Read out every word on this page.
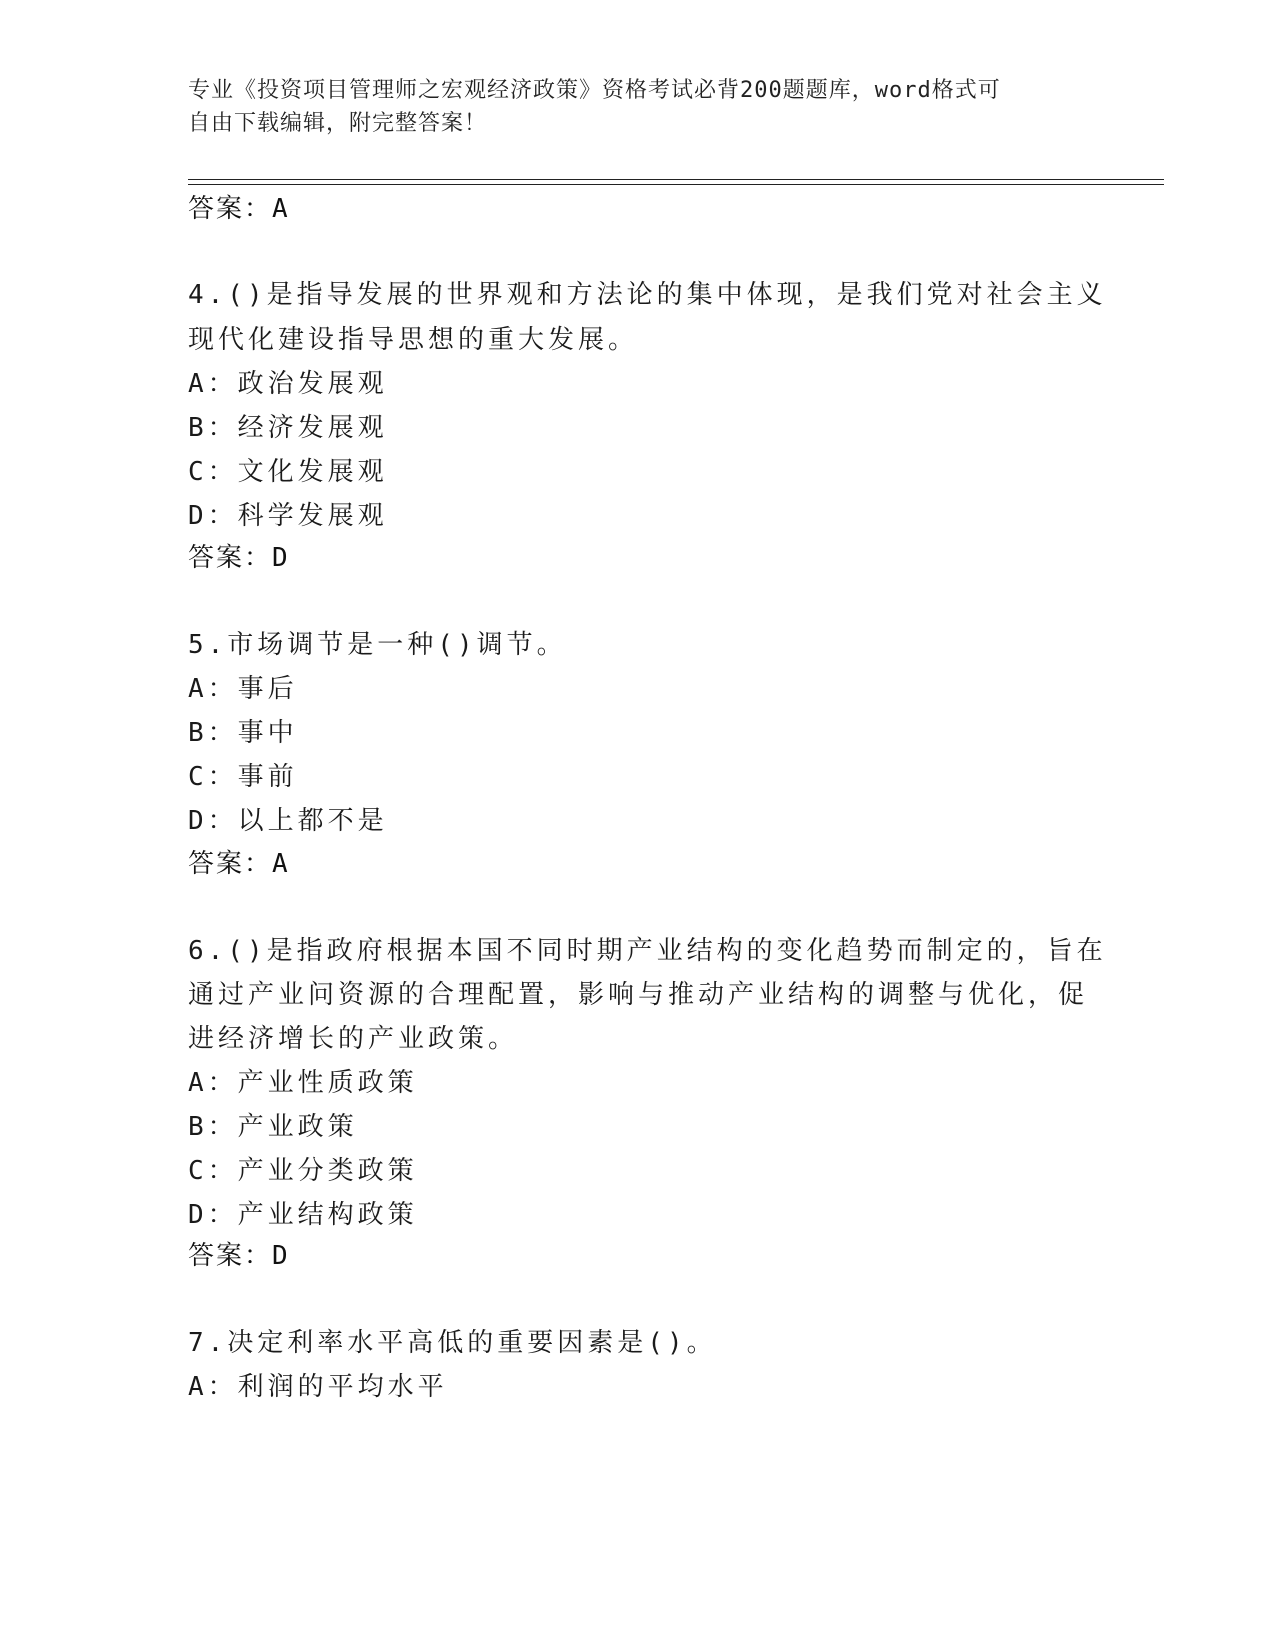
专业《投资项目管理师之宏观经济政策》资格考试必背200题题库，word格式可
自由下载编辑，附完整答案！
答案：A
4.()是指导发展的世界观和方法论的集中体现，是我们党对社会主义
现代化建设指导思想的重大发展。
A：政治发展观
B：经济发展观
C：文化发展观
D：科学发展观
答案：D
5.市场调节是一种()调节。
A：事后
B：事中
C：事前
D：以上都不是
答案：A
6.()是指政府根据本国不同时期产业结构的变化趋势而制定的，旨在
通过产业问资源的合理配置，影响与推动产业结构的调整与优化，促
进经济增长的产业政策。
A：产业性质政策
B：产业政策
C：产业分类政策
D：产业结构政策
答案：D
7.决定利率水平高低的重要因素是()。
A：利润的平均水平
